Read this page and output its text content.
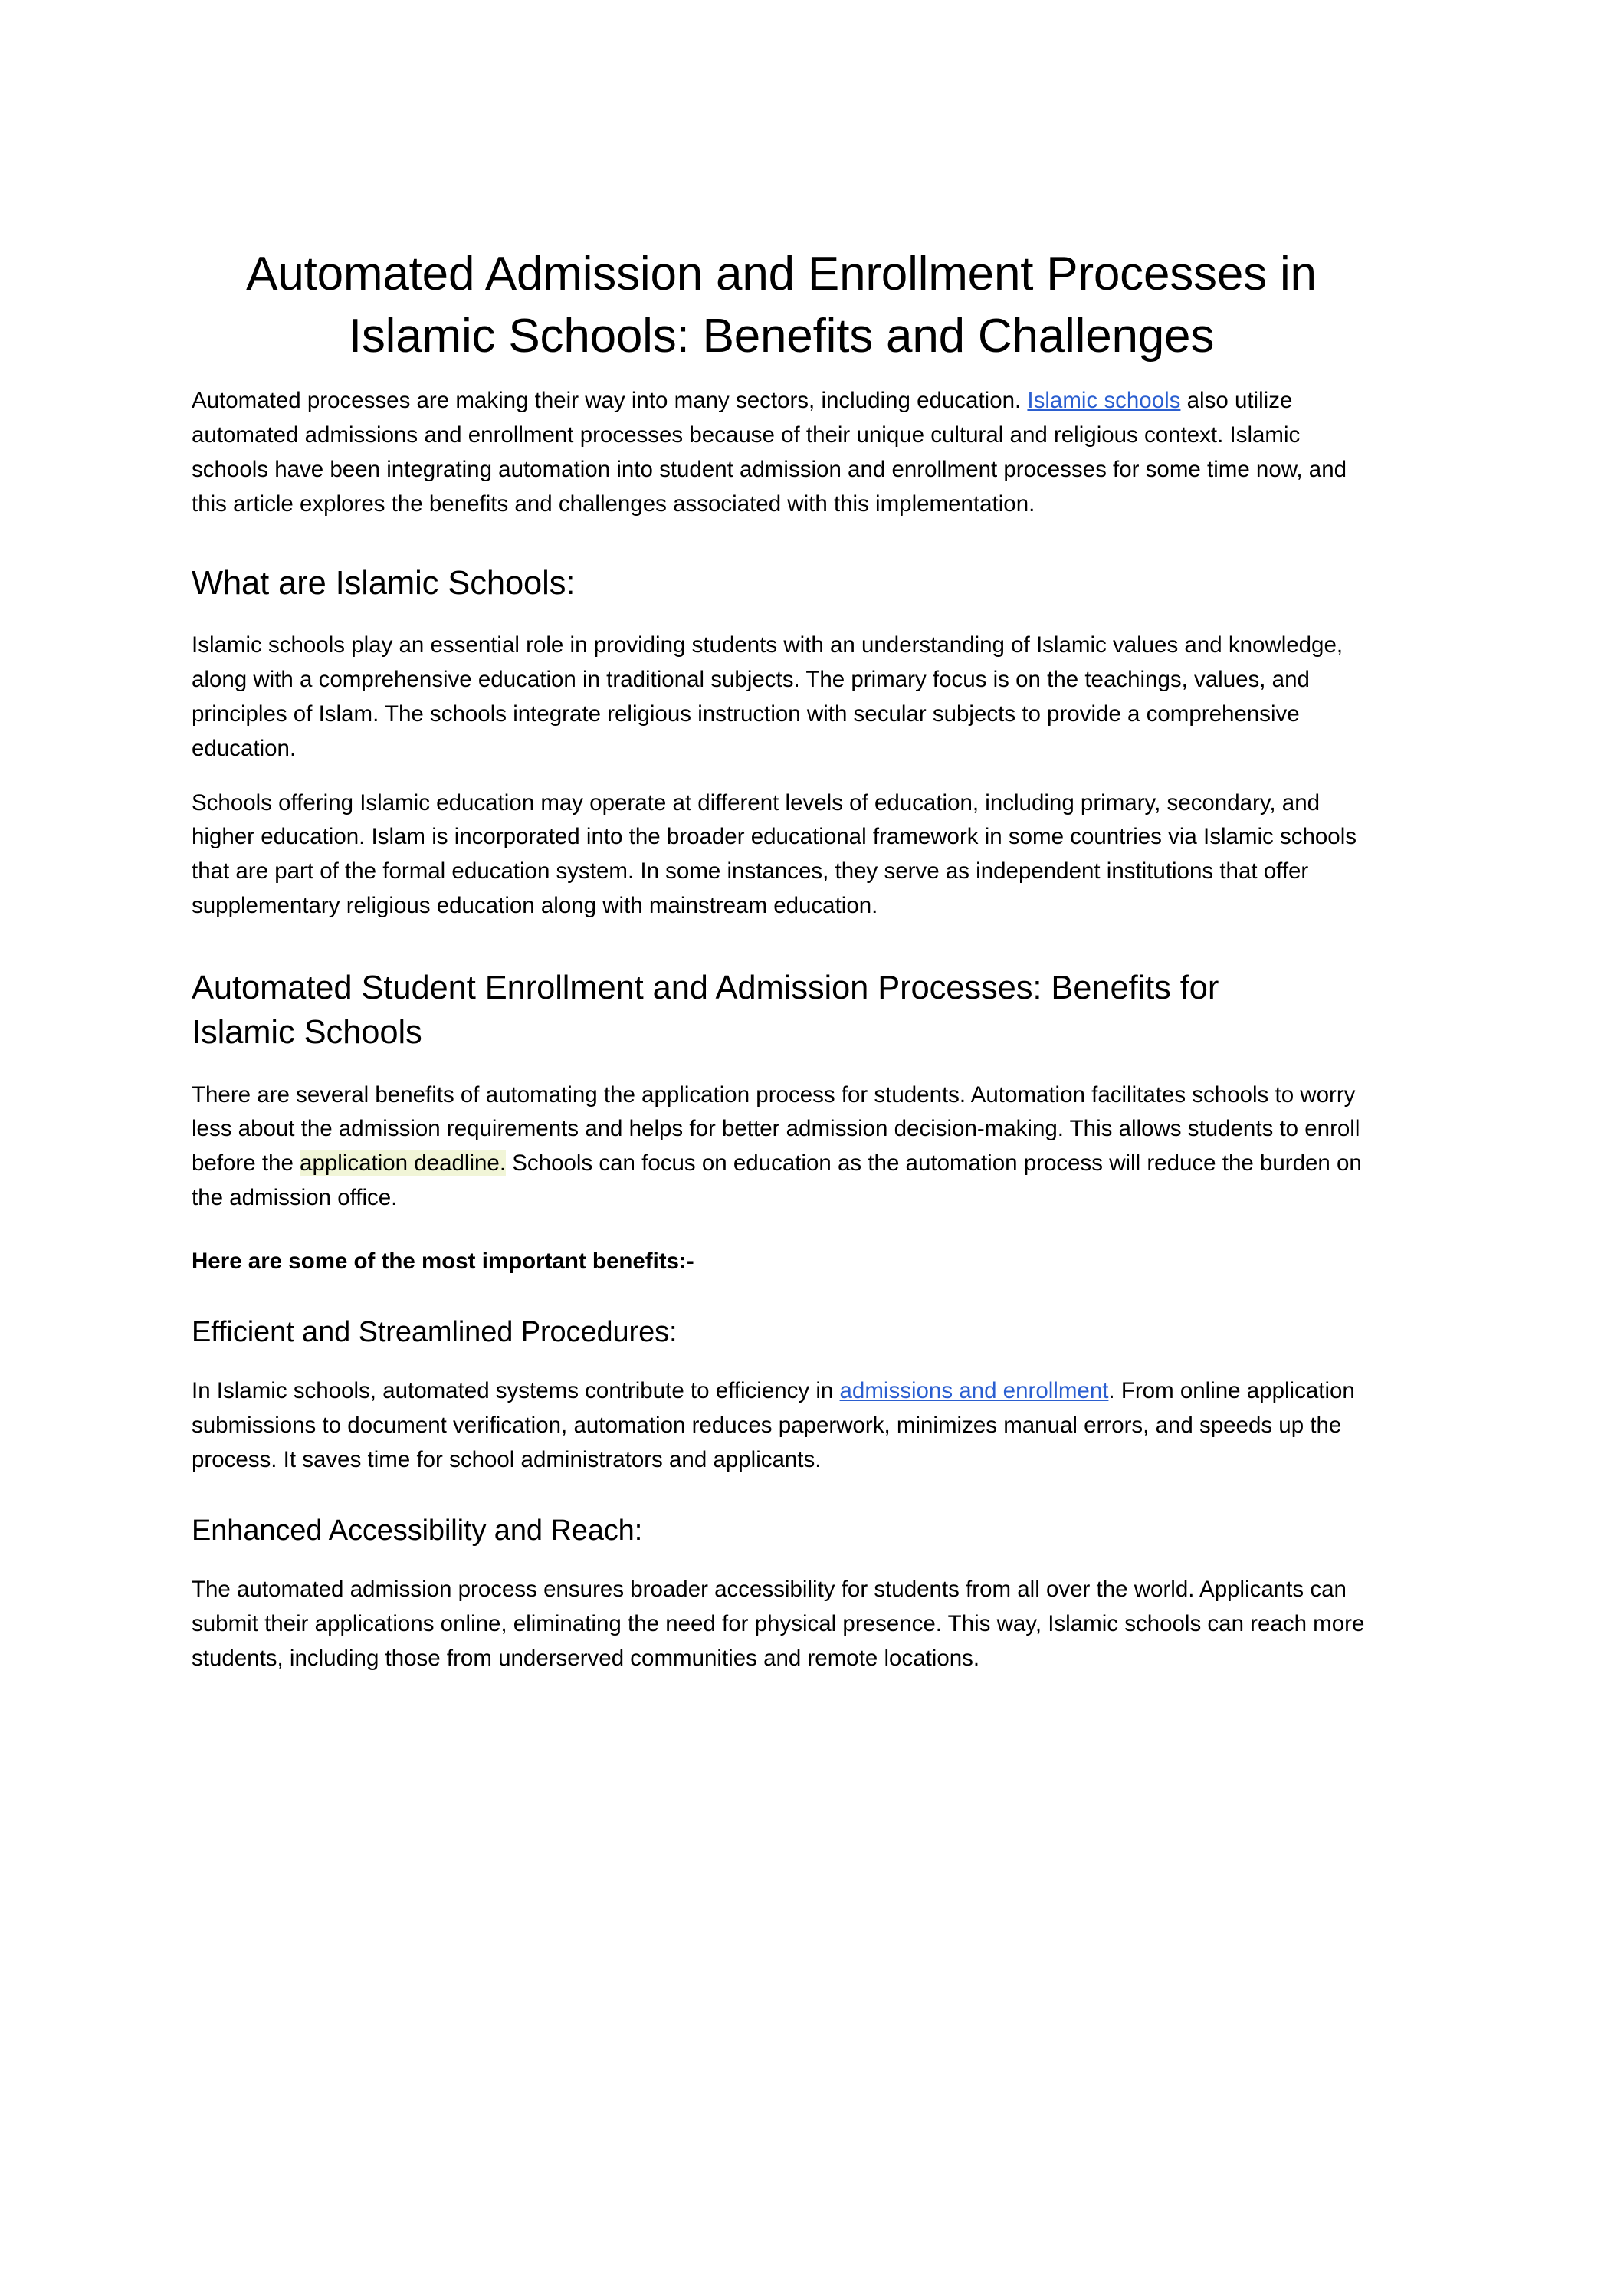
Automated Admission and Enrollment Processes in Islamic Schools: Benefits and Challenges

Automated processes are making their way into many sectors, including education. Islamic schools also utilize automated admissions and enrollment processes because of their unique cultural and religious context. Islamic schools have been integrating automation into student admission and enrollment processes for some time now, and this article explores the benefits and challenges associated with this implementation.

What are Islamic Schools:

Islamic schools play an essential role in providing students with an understanding of Islamic values and knowledge, along with a comprehensive education in traditional subjects. The primary focus is on the teachings, values, and principles of Islam. The schools integrate religious instruction with secular subjects to provide a comprehensive education.

Schools offering Islamic education may operate at different levels of education, including primary, secondary, and higher education. Islam is incorporated into the broader educational framework in some countries via Islamic schools that are part of the formal education system. In some instances, they serve as independent institutions that offer supplementary religious education along with mainstream education.

Automated Student Enrollment and Admission Processes: Benefits for Islamic Schools

There are several benefits of automating the application process for students. Automation facilitates schools to worry less about the admission requirements and helps for better admission decision-making. This allows students to enroll before the application deadline. Schools can focus on education as the automation process will reduce the burden on the admission office.

Here are some of the most important benefits:-

Efficient and Streamlined Procedures:

In Islamic schools, automated systems contribute to efficiency in admissions and enrollment. From online application submissions to document verification, automation reduces paperwork, minimizes manual errors, and speeds up the process. It saves time for school administrators and applicants.

Enhanced Accessibility and Reach:

The automated admission process ensures broader accessibility for students from all over the world. Applicants can submit their applications online, eliminating the need for physical presence. This way, Islamic schools can reach more students, including those from underserved communities and remote locations.
